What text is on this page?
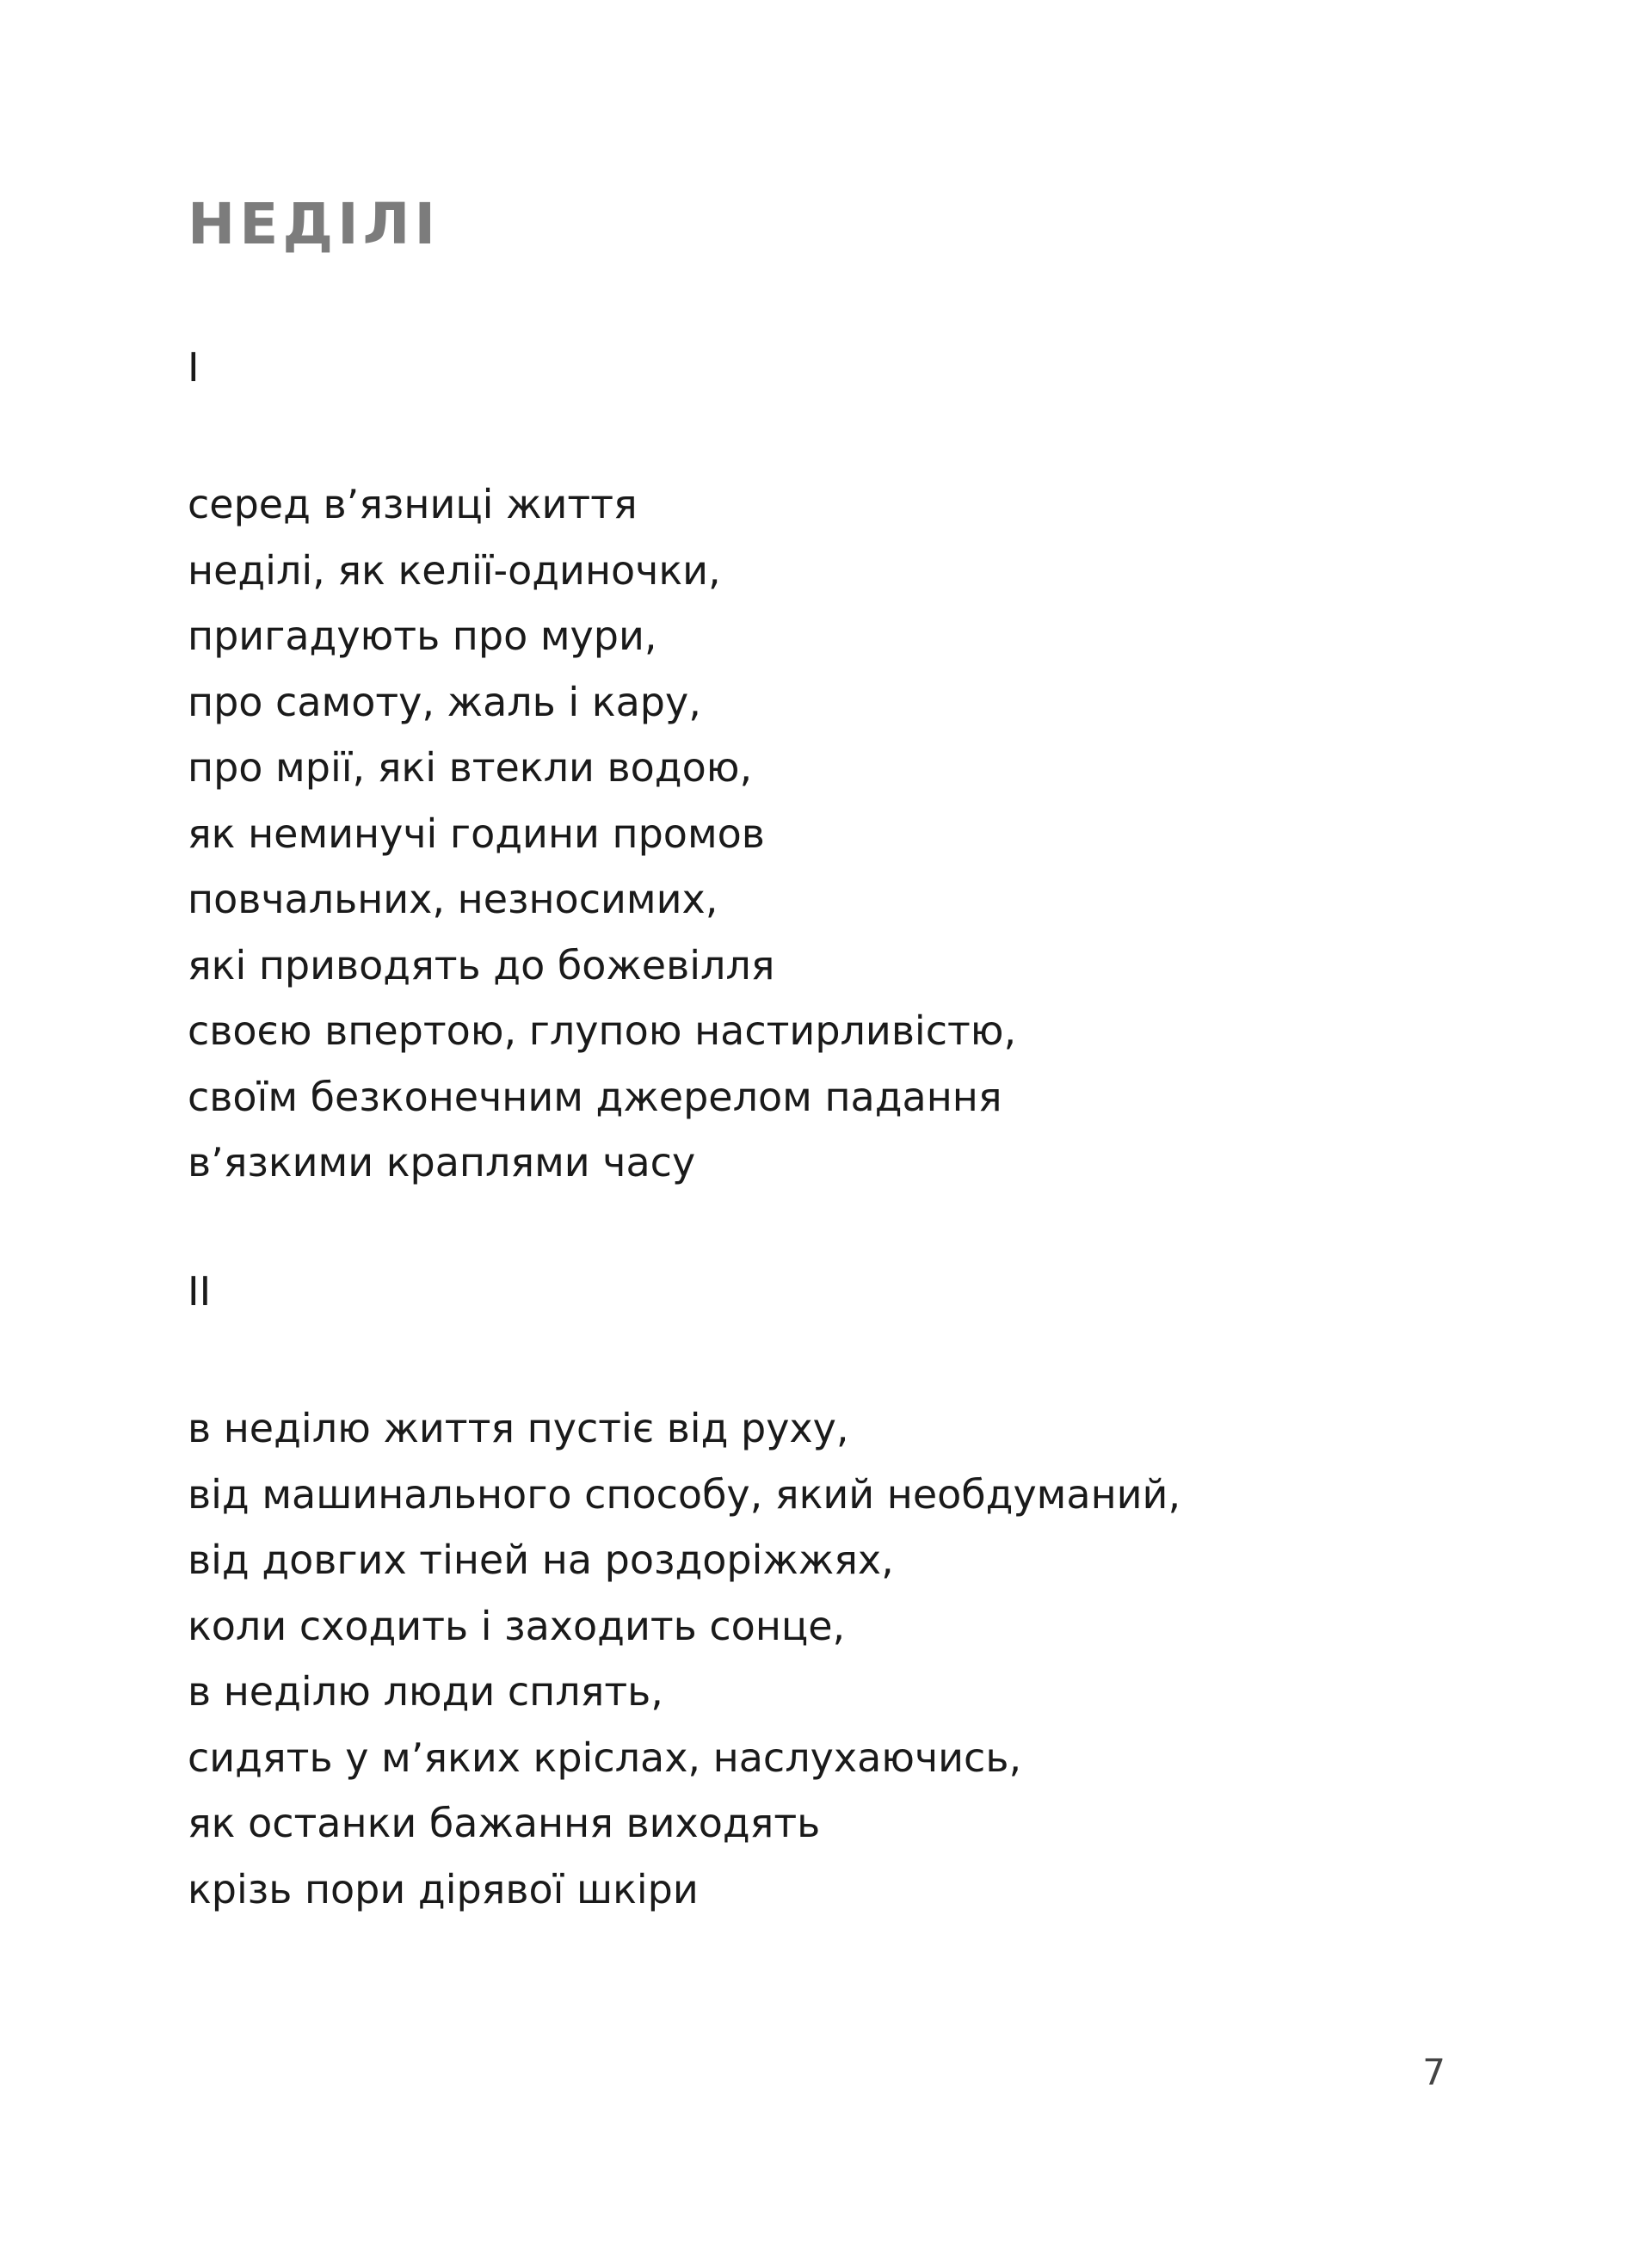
НЕДІЛІ
I
серед в’язниці життя
неділі, як келії-одиночки,
пригадують про мури,
про самоту, жаль і кару,
про мрії, які втекли водою,
як неминучі години промов
повчальних, незносимих,
які приводять до божевілля
своєю впертою, глупою настирливістю,
своїм безконечним джерелом падання
в’язкими краплями часу
II
в неділю життя пустіє від руху,
від машинального способу, який необдуманий,
від довгих тіней на роздоріжжях,
коли сходить і заходить сонце,
в неділю люди сплять,
сидять у м’яких кріслах, наслухаючись,
як останки бажання виходять
крізь пори дірявої шкіри
7
